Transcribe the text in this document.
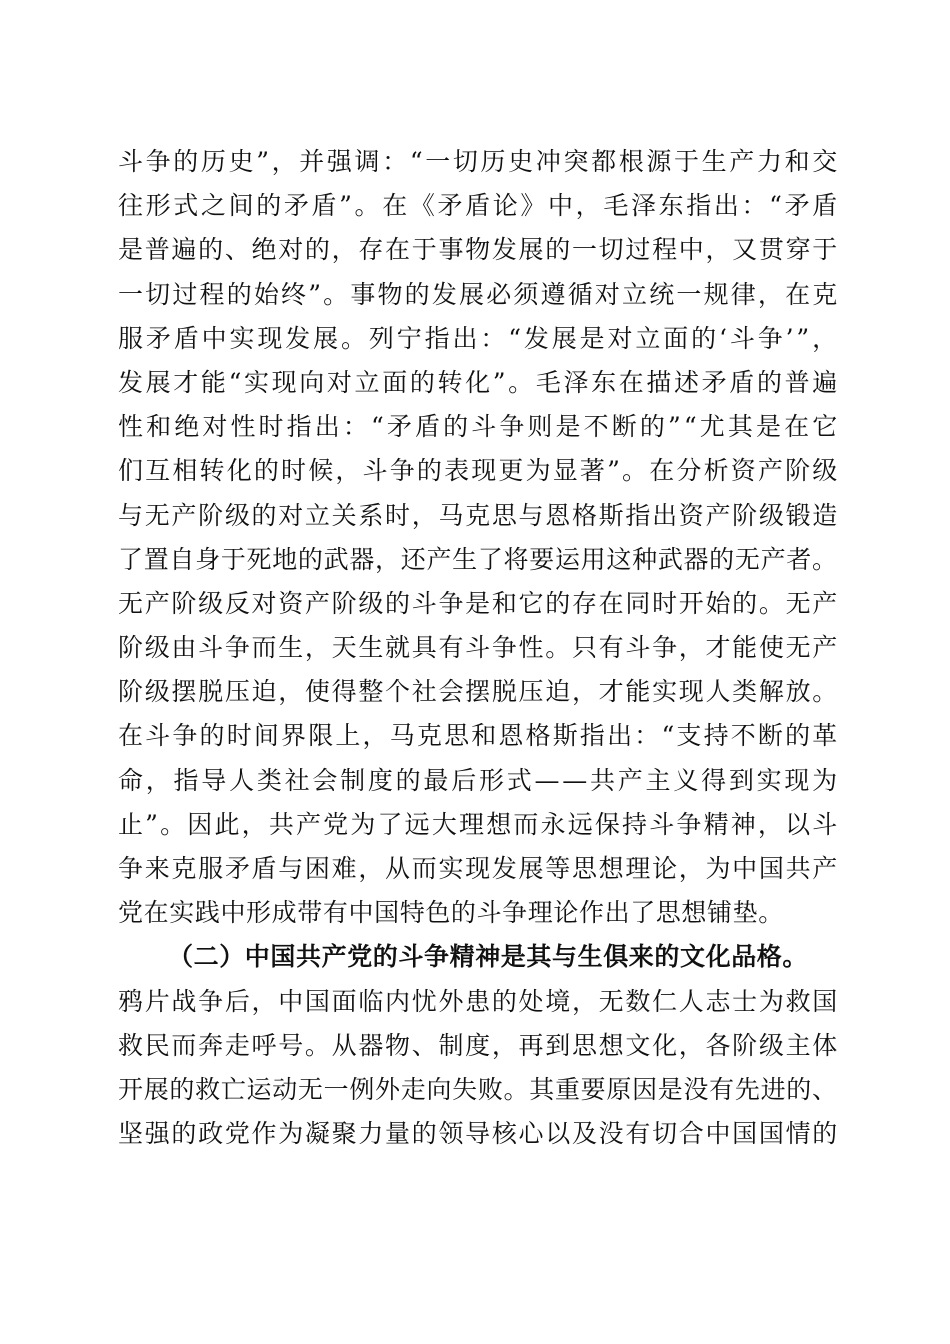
斗 争 的 历 史 ” ， 并 强 调 ： “ 一 切 历 史 冲 突 都 根 源 于 生 产 力 和 交
往 形 式 之 间 的 矛 盾 ” 。 在 《 矛 盾 论 》 中 ， 毛 泽 东 指 出 ： “ 矛 盾
是 普 遍 的 、 绝 对 的 ， 存 在 于 事 物 发 展 的 一 切 过 程 中 ， 又 贯 穿 于
一 切 过 程 的 始 终 ” 。 事 物 的 发 展 必 须 遵 循 对 立 统 一 规 律 ， 在 克
服 矛 盾 中 实 现 发 展 。 列 宁 指 出 ： “ 发 展 是 对 立 面 的 ‘ 斗 争 ’ ” ，
发 展 才 能 “ 实 现 向 对 立 面 的 转 化 ” 。 毛 泽 东 在 描 述 矛 盾 的 普 遍
性 和 绝 对 性 时 指 出 ： “ 矛 盾 的 斗 争 则 是 不 断 的 ” “ 尤 其 是 在 它
们 互 相 转 化 的 时 候 ， 斗 争 的 表 现 更 为 显 著 ” 。 在 分 析 资 产 阶 级
与 无 产 阶 级 的 对 立 关 系 时 ， 马 克 思 与 恩 格 斯 指 出 资 产 阶 级 锻 造
了 置 自 身 于 死 地 的 武 器 ， 还 产 生 了 将 要 运 用 这 种 武 器 的 无 产 者 。
无 产 阶 级 反 对 资 产 阶 级 的 斗 争 是 和 它 的 存 在 同 时 开 始 的 。 无 产
阶 级 由 斗 争 而 生 ， 天 生 就 具 有 斗 争 性 。 只 有 斗 争 ， 才 能 使 无 产
阶 级 摆 脱 压 迫 ， 使 得 整 个 社 会 摆 脱 压 迫 ， 才 能 实 现 人 类 解 放 。
在 斗 争 的 时 间 界 限 上 ， 马 克 思 和 恩 格 斯 指 出 ： “ 支 持 不 断 的 革
命 ， 指 导 人 类 社 会 制 度 的 最 后 形 式 — — 共 产 主 义 得 到 实 现 为
止 ” 。 因 此 ， 共 产 党 为 了 远 大 理 想 而 永 远 保 持 斗 争 精 神 ， 以 斗
争 来 克 服 矛 盾 与 困 难 ， 从 而 实 现 发 展 等 思 想 理 论 ， 为 中 国 共 产
党 在 实 践 中 形 成 带 有 中 国 特 色 的 斗 争 理 论 作 出 了 思 想 铺 垫 。
（二）中国共产党的斗争精神是其与生俱来的文化品格。
鸦 片 战 争 后 ， 中 国 面 临 内 忧 外 患 的 处 境 ， 无 数 仁 人 志 士 为 救 国
救 民 而 奔 走 呼 号 。 从 器 物 、 制 度 ， 再 到 思 想 文 化 ， 各 阶 级 主 体
开 展 的 救 亡 运 动 无 一 例 外 走 向 失 败 。 其 重 要 原 因 是 没 有 先 进 的 、
坚 强 的 政 党 作 为 凝 聚 力 量 的 领 导 核 心 以 及 没 有 切 合 中 国 国 情 的
